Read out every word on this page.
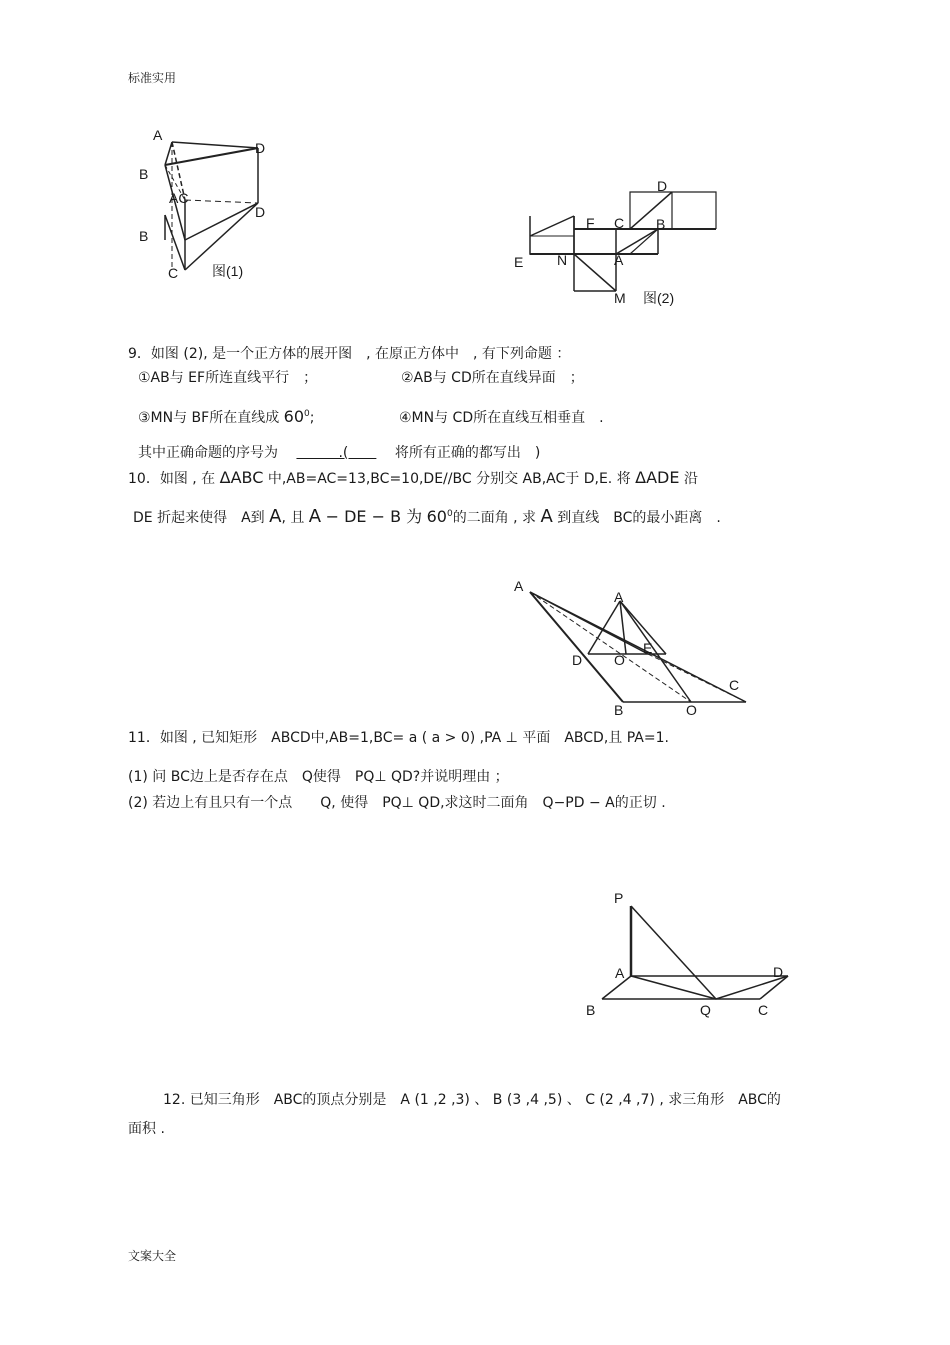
标准实用
文案大全
A
B
D
AC
D
B
C 图(1)
D
F C B
E N	A
M 图(2)
9．如图 (2), 是一个正方体的展开图　, 在原正方体中　, 有下列命题 ：
①AB与 EF所连直线平行　；	②AB与 CD所在直线异面　；
③MN与 BF所在直线成 $60^0$;	④MN与 CD所在直线互相垂直　.
其中正确命题的序号为 　　　.(　　 将所有正确的都写出　)
10．如图 , 在 ΔABC 中,AB=AC=13,BC=10,DE//BC 分别交 AB,AC于 D,E. 将 ΔADE 沿
DE 折起来使得　A到 A, 且 A − DE − B 为 $60^0$的二面角 , 求 A 到直线　BC的最小距离　.
A
A
D O
E
C
B	O
11．如图 , 已知矩形　ABCD中,AB=1,BC= a ( a > 0) ,PA ⊥ 平面　ABCD,且 PA=1.
(1) 问 BC边上是否存在点　Q使得　PQ⊥ QD?并说明理由 ；
(2) 若边上有且只有一个点　　Q, 使得　PQ⊥ QD,求这时二面角　Q−PD − A的正切 .
P
A	D
B	Q	C
12. 已知三角形　ABC的顶点分别是　A (1 ,2 ,3) 、 B (3 ,4 ,5) 、 C (2 ,4 ,7) , 求三角形　ABC的
面积 .
